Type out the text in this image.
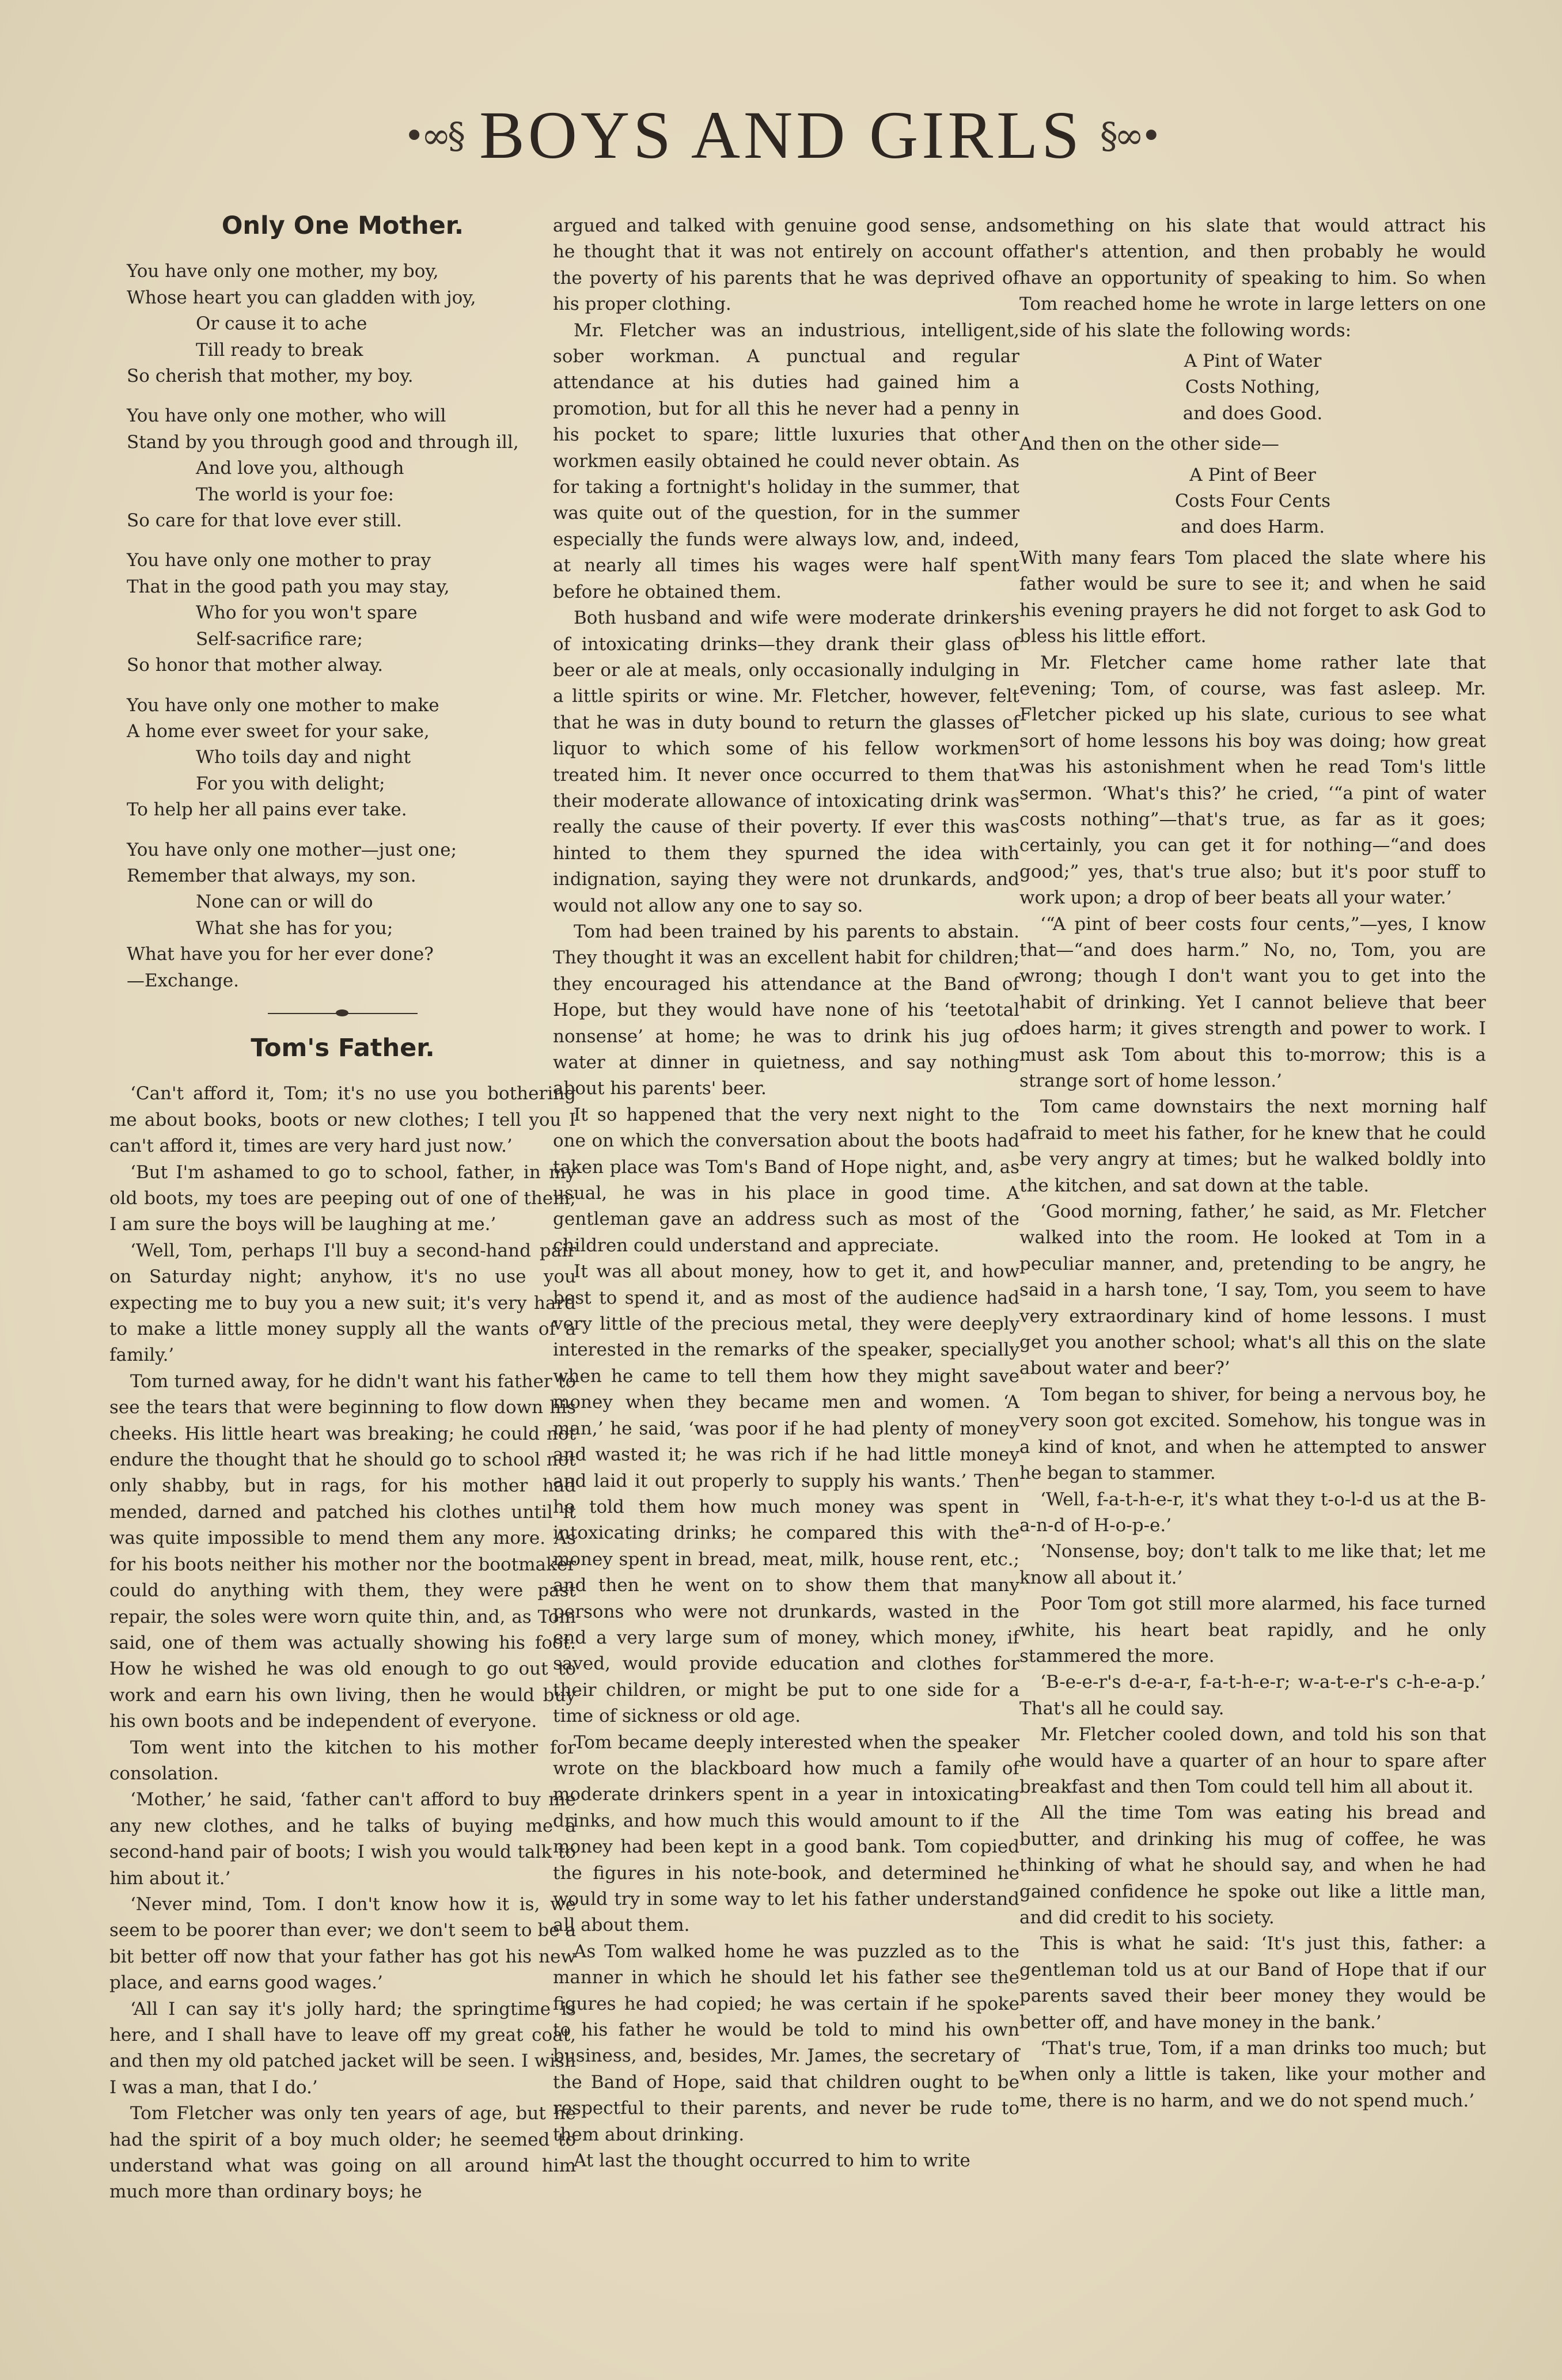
•∞§ BOYS AND GIRLS §∞•
Only One Mother.
You have only one mother, my boy,
Whose heart you can gladden with joy,
Or cause it to ache
Till ready to break
So cherish that mother, my boy.
You have only one mother, who will
Stand by you through good and through ill,
And love you, although
The world is your foe:
So care for that love ever still.
You have only one mother to pray
That in the good path you may stay,
Who for you won't spare
Self-sacrifice rare;
So honor that mother alway.
You have only one mother to make
A home ever sweet for your sake,
Who toils day and night
For you with delight;
To help her all pains ever take.
You have only one mother—just one;
Remember that always, my son.
None can or will do
What she has for you;
What have you for her ever done?
—Exchange.
Tom's Father.

‘Can't afford it, Tom; it's no use you bothering me about books, boots or new clothes; I tell you I can't afford it, times are very hard just now.’

‘But I'm ashamed to go to school, father, in my old boots, my toes are peeping out of one of them; I am sure the boys will be laughing at me.’

‘Well, Tom, perhaps I'll buy a second-hand pair on Saturday night; anyhow, it's no use you expecting me to buy you a new suit; it's very hard to make a little money supply all the wants of a family.’

Tom turned away, for he didn't want his father to see the tears that were beginning to flow down his cheeks. His little heart was breaking; he could not endure the thought that he should go to school not only shabby, but in rags, for his mother had mended, darned and patched his clothes until it was quite impossible to mend them any more. As for his boots neither his mother nor the bootmaker could do anything with them, they were past repair, the soles were worn quite thin, and, as Tom said, one of them was actually showing his foot. How he wished he was old enough to go out to work and earn his own living, then he would buy his own boots and be independent of everyone.

Tom went into the kitchen to his mother for consolation.

‘Mother,’ he said, ‘father can't afford to buy me any new clothes, and he talks of buying me a second-hand pair of boots; I wish you would talk to him about it.’

‘Never mind, Tom. I don't know how it is, we seem to be poorer than ever; we don't seem to be a bit better off now that your father has got his new place, and earns good wages.’

‘All I can say it's jolly hard; the springtime is here, and I shall have to leave off my great coat, and then my old patched jacket will be seen. I wish I was a man, that I do.’

Tom Fletcher was only ten years of age, but he had the spirit of a boy much older; he seemed to understand what was going on all around him much more than ordinary boys; he

argued and talked with genuine good sense, and he thought that it was not entirely on account of the poverty of his parents that he was deprived of his proper clothing.

Mr. Fletcher was an industrious, intelligent, sober workman. A punctual and regular attendance at his duties had gained him a promotion, but for all this he never had a penny in his pocket to spare; little luxuries that other workmen easily obtained he could never obtain. As for taking a fortnight's holiday in the summer, that was quite out of the question, for in the summer especially the funds were always low, and, indeed, at nearly all times his wages were half spent before he obtained them.

Both husband and wife were moderate drinkers of intoxicating drinks—they drank their glass of beer or ale at meals, only occasionally indulging in a little spirits or wine. Mr. Fletcher, however, felt that he was in duty bound to return the glasses of liquor to which some of his fellow workmen treated him. It never once occurred to them that their moderate allowance of intoxicating drink was really the cause of their poverty. If ever this was hinted to them they spurned the idea with indignation, saying they were not drunkards, and would not allow any one to say so.

Tom had been trained by his parents to abstain. They thought it was an excellent habit for children; they encouraged his attendance at the Band of Hope, but they would have none of his ‘teetotal nonsense’ at home; he was to drink his jug of water at dinner in quietness, and say nothing about his parents' beer.

It so happened that the very next night to the one on which the conversation about the boots had taken place was Tom's Band of Hope night, and, as usual, he was in his place in good time. A gentleman gave an address such as most of the children could understand and appreciate.

It was all about money, how to get it, and how best to spend it, and as most of the audience had very little of the precious metal, they were deeply interested in the remarks of the speaker, specially when he came to tell them how they might save money when they became men and women. ‘A man,’ he said, ‘was poor if he had plenty of money and wasted it; he was rich if he had little money and laid it out properly to supply his wants.’ Then he told them how much money was spent in intoxicating drinks; he compared this with the money spent in bread, meat, milk, house rent, etc.; and then he went on to show them that many persons who were not drunkards, wasted in the end a very large sum of money, which money, if saved, would provide education and clothes for their children, or might be put to one side for a time of sickness or old age.

Tom became deeply interested when the speaker wrote on the blackboard how much a family of moderate drinkers spent in a year in intoxicating drinks, and how much this would amount to if the money had been kept in a good bank. Tom copied the figures in his note-book, and determined he would try in some way to let his father understand all about them.

As Tom walked home he was puzzled as to the manner in which he should let his father see the figures he had copied; he was certain if he spoke to his father he would be told to mind his own business, and, besides, Mr. James, the secretary of the Band of Hope, said that children ought to be respectful to their parents, and never be rude to them about drinking.

At last the thought occurred to him to write

something on his slate that would attract his father's attention, and then probably he would have an opportunity of speaking to him. So when Tom reached home he wrote in large letters on one side of his slate the following words:

A Pint of Water
Costs Nothing,
and does Good.

And then on the other side—

A Pint of Beer
Costs Four Cents
and does Harm.

With many fears Tom placed the slate where his father would be sure to see it; and when he said his evening prayers he did not forget to ask God to bless his little effort.

Mr. Fletcher came home rather late that evening; Tom, of course, was fast asleep. Mr. Fletcher picked up his slate, curious to see what sort of home lessons his boy was doing; how great was his astonishment when he read Tom's little sermon. ‘What's this?’ he cried, ‘“a pint of water costs nothing”—that's true, as far as it goes; certainly, you can get it for nothing—“and does good;” yes, that's true also; but it's poor stuff to work upon; a drop of beer beats all your water.’

‘“A pint of beer costs four cents,”—yes, I know that—“and does harm.” No, no, Tom, you are wrong; though I don't want you to get into the habit of drinking. Yet I cannot believe that beer does harm; it gives strength and power to work. I must ask Tom about this to-morrow; this is a strange sort of home lesson.’

Tom came downstairs the next morning half afraid to meet his father, for he knew that he could be very angry at times; but he walked boldly into the kitchen, and sat down at the table.

‘Good morning, father,’ he said, as Mr. Fletcher walked into the room. He looked at Tom in a peculiar manner, and, pretending to be angry, he said in a harsh tone, ‘I say, Tom, you seem to have very extraordinary kind of home lessons. I must get you another school; what's all this on the slate about water and beer?’

Tom began to shiver, for being a nervous boy, he very soon got excited. Somehow, his tongue was in a kind of knot, and when he attempted to answer he began to stammer.

‘Well, f-a-t-h-e-r, it's what they t-o-l-d us at the B-a-n-d of H-o-p-e.’

‘Nonsense, boy; don't talk to me like that; let me know all about it.’

Poor Tom got still more alarmed, his face turned white, his heart beat rapidly, and he only stammered the more.

‘B-e-e-r's d-e-a-r, f-a-t-h-e-r; w-a-t-e-r's c-h-e-a-p.’ That's all he could say.

Mr. Fletcher cooled down, and told his son that he would have a quarter of an hour to spare after breakfast and then Tom could tell him all about it.

All the time Tom was eating his bread and butter, and drinking his mug of coffee, he was thinking of what he should say, and when he had gained confidence he spoke out like a little man, and did credit to his society.

This is what he said: ‘It's just this, father: a gentleman told us at our Band of Hope that if our parents saved their beer money they would be better off, and have money in the bank.’

‘That's true, Tom, if a man drinks too much; but when only a little is taken, like your mother and me, there is no harm, and we do not spend much.’
